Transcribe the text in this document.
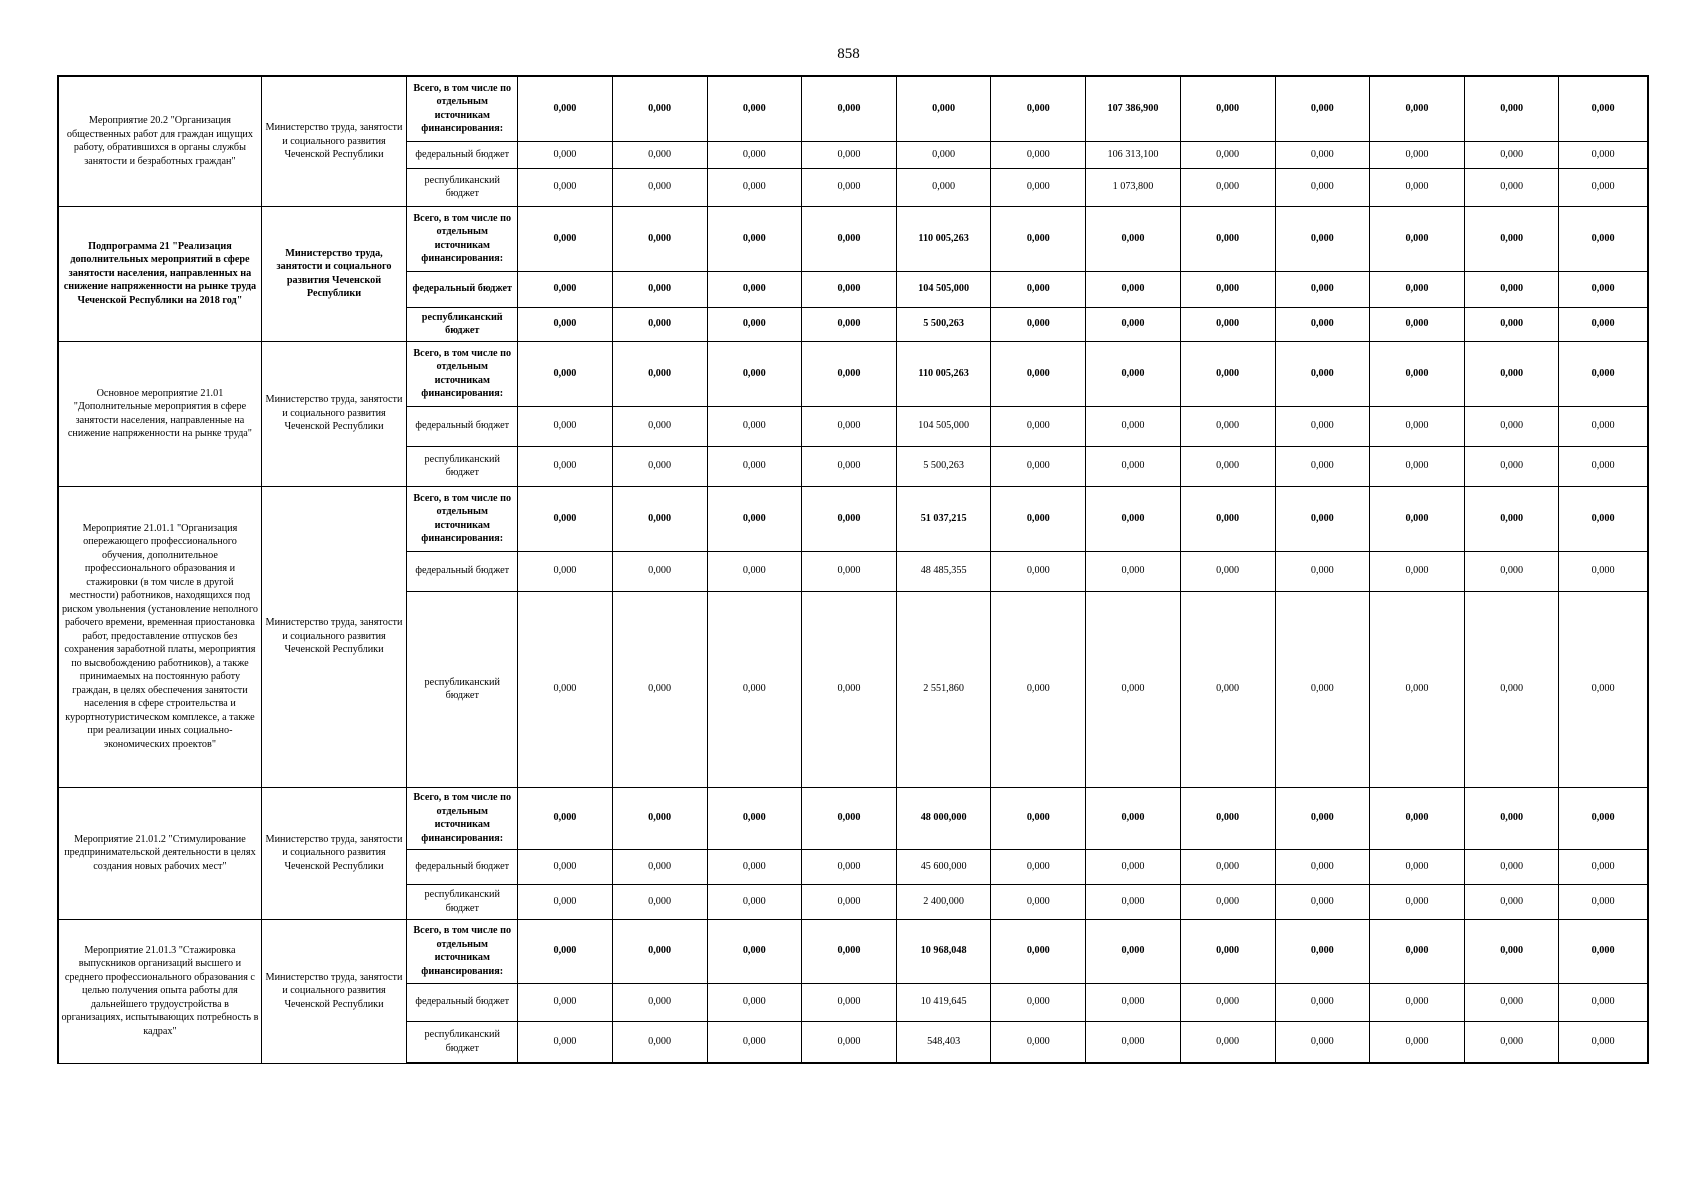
858
Мероприятие 20.2 "Организация общественных работ для граждан ищущих работу, обратившихся в органы службы занятости и безработных граждан"	Министерство труда, занятости и социального развития Чеченской Республики	Всего, в том числе по отдельным источникам финансирования:	0,000	0,000	0,000	0,000	0,000	0,000	107 386,900	0,000	0,000	0,000	0,000	0,000
		федеральный бюджет	0,000	0,000	0,000	0,000	0,000	0,000	106 313,100	0,000	0,000	0,000	0,000	0,000
		республиканский бюджет	0,000	0,000	0,000	0,000	0,000	0,000	1 073,800	0,000	0,000	0,000	0,000	0,000
Подпрограмма 21 "Реализация дополнительных мероприятий в сфере занятости населения, направленных на снижение напряженности на рынке труда Чеченской Республики на 2018 год"	Министерство труда, занятости и социального развития Чеченской Республики	Всего, в том числе по отдельным источникам финансирования:	0,000	0,000	0,000	0,000	110 005,263	0,000	0,000	0,000	0,000	0,000	0,000	0,000
		федеральный бюджет	0,000	0,000	0,000	0,000	104 505,000	0,000	0,000	0,000	0,000	0,000	0,000	0,000
		республиканский бюджет	0,000	0,000	0,000	0,000	5 500,263	0,000	0,000	0,000	0,000	0,000	0,000	0,000
Основное мероприятие 21.01 "Дополнительные мероприятия в сфере занятости населения, направленные на снижение напряженности на рынке труда"	Министерство труда, занятости и социального развития Чеченской Республики	Всего, в том числе по отдельным источникам финансирования:	0,000	0,000	0,000	0,000	110 005,263	0,000	0,000	0,000	0,000	0,000	0,000	0,000
		федеральный бюджет	0,000	0,000	0,000	0,000	104 505,000	0,000	0,000	0,000	0,000	0,000	0,000	0,000
		республиканский бюджет	0,000	0,000	0,000	0,000	5 500,263	0,000	0,000	0,000	0,000	0,000	0,000	0,000
Мероприятие 21.01.1 "Организация опережающего профессионального обучения, дополнительное профессионального образования и стажировки (в том числе в другой местности) работников, находящихся под риском увольнения (установление неполного рабочего времени, временная приостановка работ, предоставление отпусков без сохранения заработной платы, мероприятия по высвобождению работников), а также принимаемых на постоянную работу граждан, в целях обеспечения занятости населения в сфере строительства и курортнотуристическом комплексе, а также при реализации иных социально- экономических проектов"	Министерство труда, занятости и социального развития Чеченской Республики	Всего, в том числе по отдельным источникам финансирования:	0,000	0,000	0,000	0,000	51 037,215	0,000	0,000	0,000	0,000	0,000	0,000	0,000
		федеральный бюджет	0,000	0,000	0,000	0,000	48 485,355	0,000	0,000	0,000	0,000	0,000	0,000	0,000
		республиканский бюджет	0,000	0,000	0,000	0,000	2 551,860	0,000	0,000	0,000	0,000	0,000	0,000	0,000
Мероприятие 21.01.2 "Стимулирование предпринимательской деятельности в целях создания новых рабочих мест"	Министерство труда, занятости и социального развития Чеченской Республики	Всего, в том числе по отдельным источникам финансирования:	0,000	0,000	0,000	0,000	48 000,000	0,000	0,000	0,000	0,000	0,000	0,000	0,000
		федеральный бюджет	0,000	0,000	0,000	0,000	45 600,000	0,000	0,000	0,000	0,000	0,000	0,000	0,000
		республиканский бюджет	0,000	0,000	0,000	0,000	2 400,000	0,000	0,000	0,000	0,000	0,000	0,000	0,000
Мероприятие 21.01.3 "Стажировка выпускников организаций высшего и среднего профессионального образования с целью получения опыта работы для дальнейшего трудоустройства в организациях, испытывающих потребность в кадрах"	Министерство труда, занятости и социального развития Чеченской Республики	Всего, в том числе по отдельным источникам финансирования:	0,000	0,000	0,000	0,000	10 968,048	0,000	0,000	0,000	0,000	0,000	0,000	0,000
		федеральный бюджет	0,000	0,000	0,000	0,000	10 419,645	0,000	0,000	0,000	0,000	0,000	0,000	0,000
		республиканский бюджет	0,000	0,000	0,000	0,000	548,403	0,000	0,000	0,000	0,000	0,000	0,000	0,000
